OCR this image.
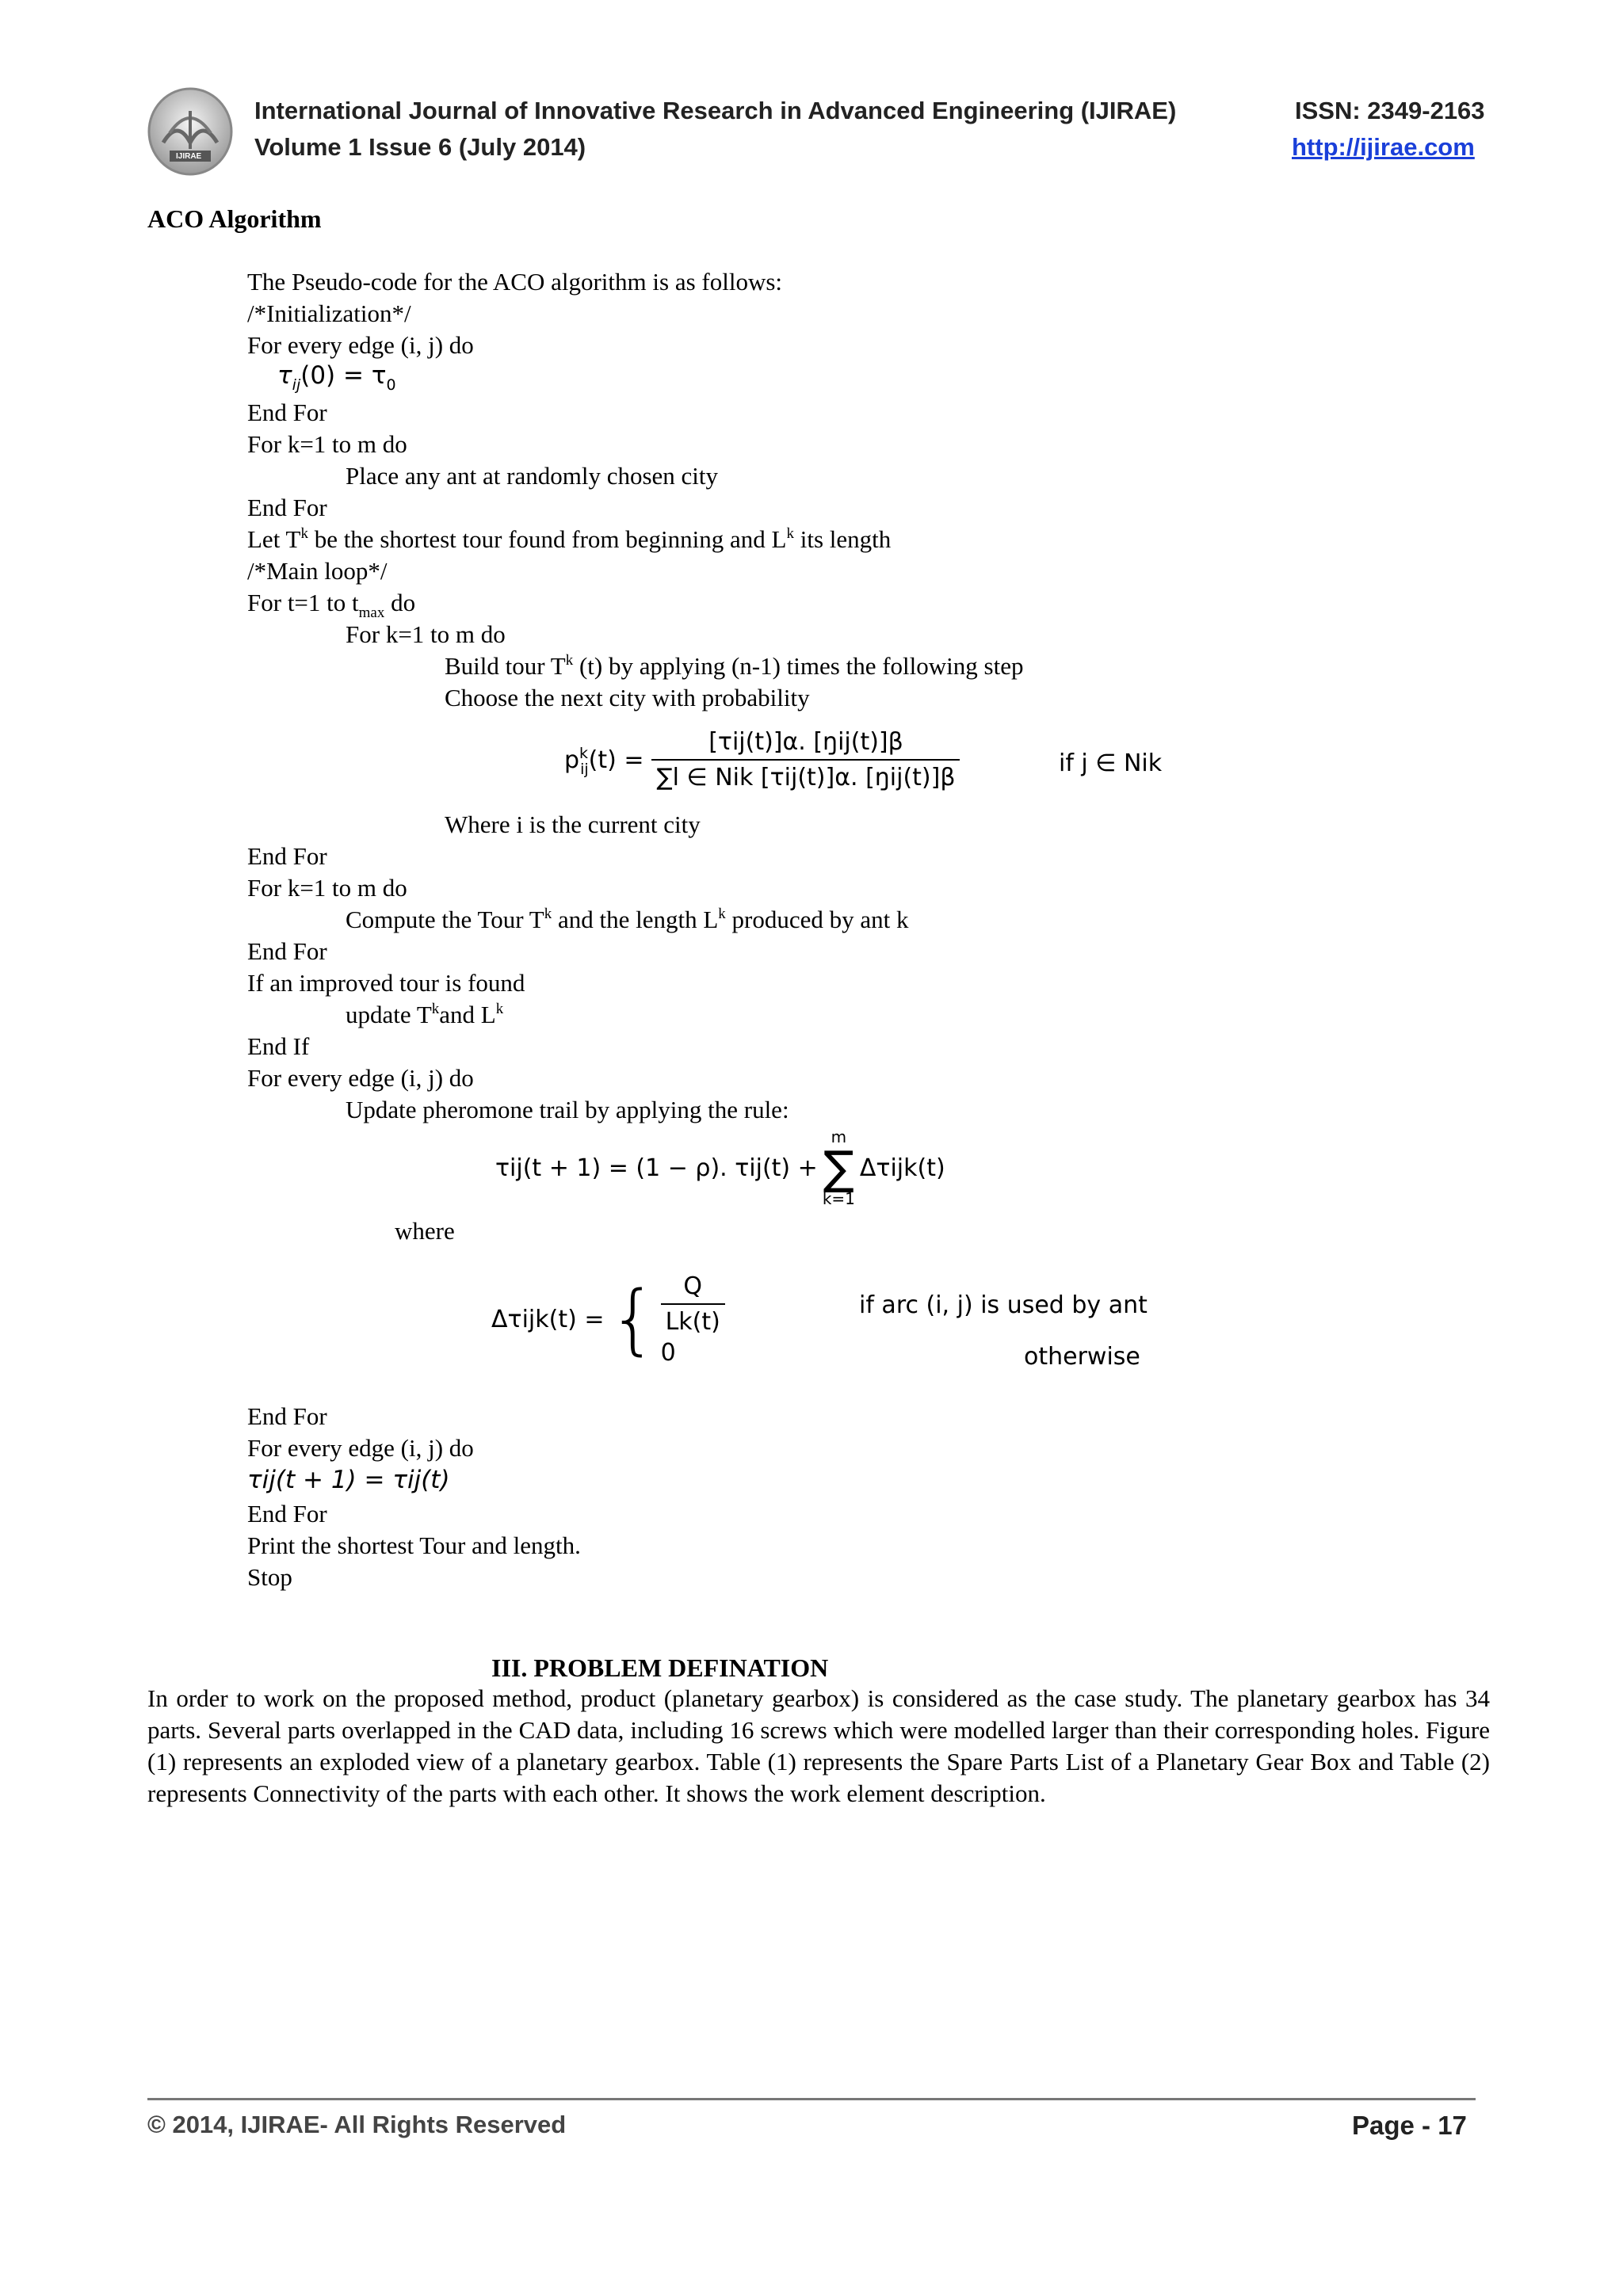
IJIRAE
International Journal of Innovative Research in Advanced Engineering (IJIRAE)	ISSN: 2349-2163
Volume 1 Issue 6 (July 2014)	http://ijirae.com
ACO Algorithm
The Pseudo-code for the ACO algorithm is as follows:
/*Initialization*/
For every edge (i, j) do
$\tau_{ij}(0) = \tau_0$
End For
For k=1 to m do
Place any ant at randomly chosen city
End For
Let $T^k$ be the shortest tour found from beginning and $L^k$ its length
/*Main loop*/
For t=1 to $t_{max}$ do
For k=1 to m do
Build tour $T^k$ (t) by applying (n-1) times the following step
Choose the next city with probability
$p^k_{ij}(t) = \frac{\text{[τij(t)]α. [ŋij(t)]β}}{\text{∑l ∈ Nik [τij(t)]α. [ŋij(t)]β}}$	if j ∈ Nik
Where i is the current city
End For
For k=1 to m do
Compute the Tour $T^k$ and the length $L^k$ produced by ant k
End For
If an improved tour is found
update $T^kand$ $L^k$
End If
For every edge (i, j) do
Update pheromone trail by applying the rule:
τij(t + 1) = (1 − ρ). τij(t) +
m
∑
k=1
Δτijk(t)
where
Δτijk(t) = { $\frac{Q}{Lk(t)}$
0
if arc (i, j) is used by ant
otherwise
End For
For every edge (i, j) do
τij(t + 1) = τij(t)
End For
Print the shortest Tour and length.
Stop
III. PROBLEM DEFINATION
In order to work on the proposed method, product (planetary gearbox) is considered as the case study. The planetary gearbox has 34 parts. Several parts overlapped in the CAD data, including 16 screws which were modelled larger than their corresponding holes. Figure (1) represents an exploded view of a planetary gearbox. Table (1) represents the Spare Parts List of a Planetary Gear Box and Table (2) represents Connectivity of the parts with each other. It shows the work element description.
© 2014, IJIRAE- All Rights Reserved	Page - 17
